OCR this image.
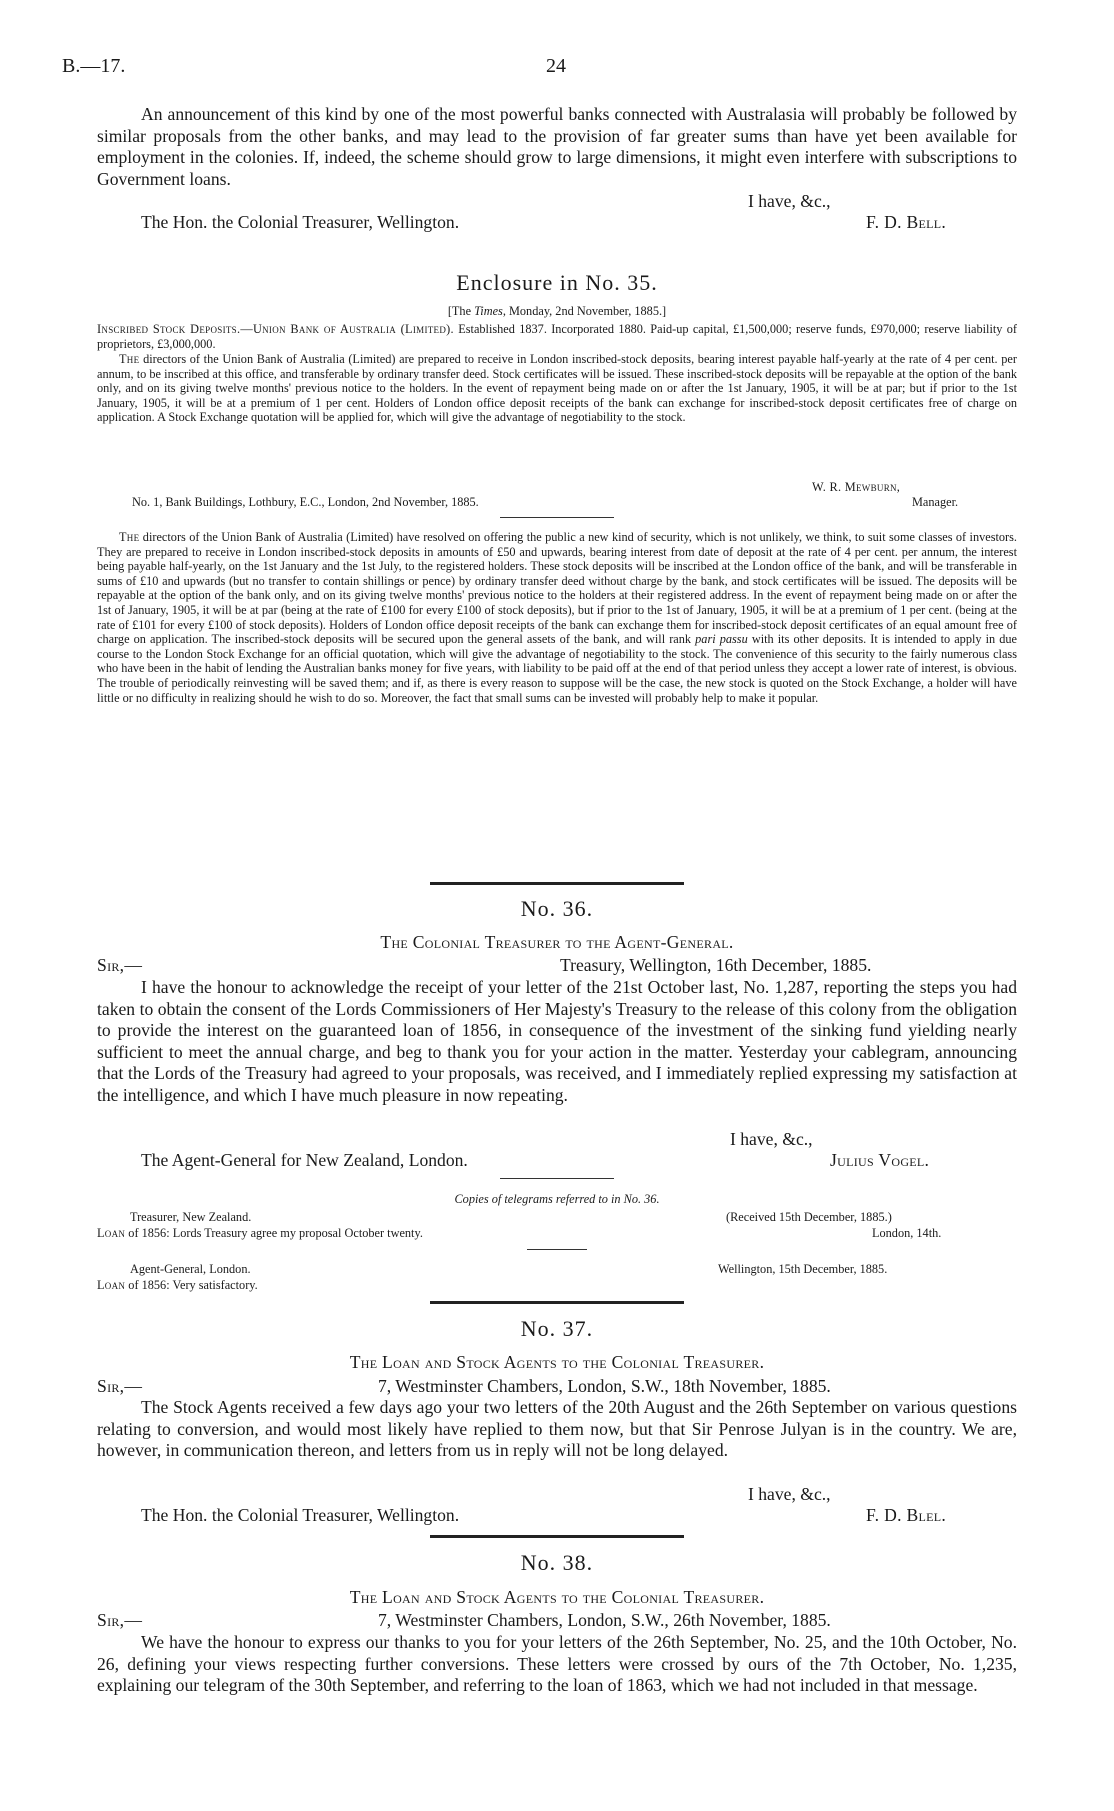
B.—17.	24
An announcement of this kind by one of the most powerful banks connected with Australasia will probably be followed by similar proposals from the other banks, and may lead to the provision of far greater sums than have yet been available for employment in the colonies. If, indeed, the scheme should grow to large dimensions, it might even interfere with subscriptions to Government loans.
I have, &c.,
The Hon. the Colonial Treasurer, Wellington.	F. D. Bell.
Enclosure in No. 35.
[The Times, Monday, 2nd November, 1885.]
Inscribed Stock Deposits.—Union Bank of Australia (Limited). Established 1837. Incorporated 1880. Paid-up capital, £1,500,000; reserve funds, £970,000; reserve liability of proprietors, £3,000,000.
The directors of the Union Bank of Australia (Limited) are prepared to receive in London inscribed-stock deposits, bearing interest payable half-yearly at the rate of 4 per cent. per annum, to be inscribed at this office, and transferable by ordinary transfer deed. Stock certificates will be issued. These inscribed-stock deposits will be repayable at the option of the bank only, and on its giving twelve months' previous notice to the holders. In the event of repayment being made on or after the 1st January, 1905, it will be at par; but if prior to the 1st January, 1905, it will be at a premium of 1 per cent. Holders of London office deposit receipts of the bank can exchange for inscribed-stock deposit certificates free of charge on application. A Stock Exchange quotation will be applied for, which will give the advantage of negotiability to the stock.
W. R. Mewburn,
No. 1, Bank Buildings, Lothbury, E.C., London, 2nd November, 1885.	Manager.
The directors of the Union Bank of Australia (Limited) have resolved on offering the public a new kind of security, which is not unlikely, we think, to suit some classes of investors. They are prepared to receive in London inscribed-stock deposits in amounts of £50 and upwards, bearing interest from date of deposit at the rate of 4 per cent. per annum, the interest being payable half-yearly, on the 1st January and the 1st July, to the registered holders. These stock deposits will be inscribed at the London office of the bank, and will be transferable in sums of £10 and upwards (but no transfer to contain shillings or pence) by ordinary transfer deed without charge by the bank, and stock certificates will be issued. The deposits will be repayable at the option of the bank only, and on its giving twelve months' previous notice to the holders at their registered address. In the event of repayment being made on or after the 1st of January, 1905, it will be at par (being at the rate of £100 for every £100 of stock deposits), but if prior to the 1st of January, 1905, it will be at a premium of 1 per cent. (being at the rate of £101 for every £100 of stock deposits). Holders of London office deposit receipts of the bank can exchange them for inscribed-stock deposit certificates of an equal amount free of charge on application. The inscribed-stock deposits will be secured upon the general assets of the bank, and will rank pari passu with its other deposits. It is intended to apply in due course to the London Stock Exchange for an official quotation, which will give the advantage of negotiability to the stock. The convenience of this security to the fairly numerous class who have been in the habit of lending the Australian banks money for five years, with liability to be paid off at the end of that period unless they accept a lower rate of interest, is obvious. The trouble of periodically reinvesting will be saved them; and if, as there is every reason to suppose will be the case, the new stock is quoted on the Stock Exchange, a holder will have little or no difficulty in realizing should he wish to do so. Moreover, the fact that small sums can be invested will probably help to make it popular.
No. 36.
The Colonial Treasurer to the Agent-General.
Sir,—	Treasury, Wellington, 16th December, 1885.
I have the honour to acknowledge the receipt of your letter of the 21st October last, No. 1,287, reporting the steps you had taken to obtain the consent of the Lords Commissioners of Her Majesty's Treasury to the release of this colony from the obligation to provide the interest on the guaranteed loan of 1856, in consequence of the investment of the sinking fund yielding nearly sufficient to meet the annual charge, and beg to thank you for your action in the matter. Yesterday your cablegram, announcing that the Lords of the Treasury had agreed to your proposals, was received, and I immediately replied expressing my satisfaction at the intelligence, and which I have much pleasure in now repeating.
I have, &c.,
The Agent-General for New Zealand, London.	Julius Vogel.
Copies of telegrams referred to in No. 36.
Treasurer, New Zealand.	(Received 15th December, 1885.)
Loan of 1856: Lords Treasury agree my proposal October twenty.	London, 14th.
Agent-General, London.	Wellington, 15th December, 1885.
Loan of 1856: Very satisfactory.
No. 37.
The Loan and Stock Agents to the Colonial Treasurer.
Sir,—	7, Westminster Chambers, London, S.W., 18th November, 1885.
The Stock Agents received a few days ago your two letters of the 20th August and the 26th September on various questions relating to conversion, and would most likely have replied to them now, but that Sir Penrose Julyan is in the country. We are, however, in communication thereon, and letters from us in reply will not be long delayed.
I have, &c.,
The Hon. the Colonial Treasurer, Wellington.	F. D. Blel.
No. 38.
The Loan and Stock Agents to the Colonial Treasurer.
Sir,—	7, Westminster Chambers, London, S.W., 26th November, 1885.
We have the honour to express our thanks to you for your letters of the 26th September, No. 25, and the 10th October, No. 26, defining your views respecting further conversions. These letters were crossed by ours of the 7th October, No. 1,235, explaining our telegram of the 30th September, and referring to the loan of 1863, which we had not included in that message.
